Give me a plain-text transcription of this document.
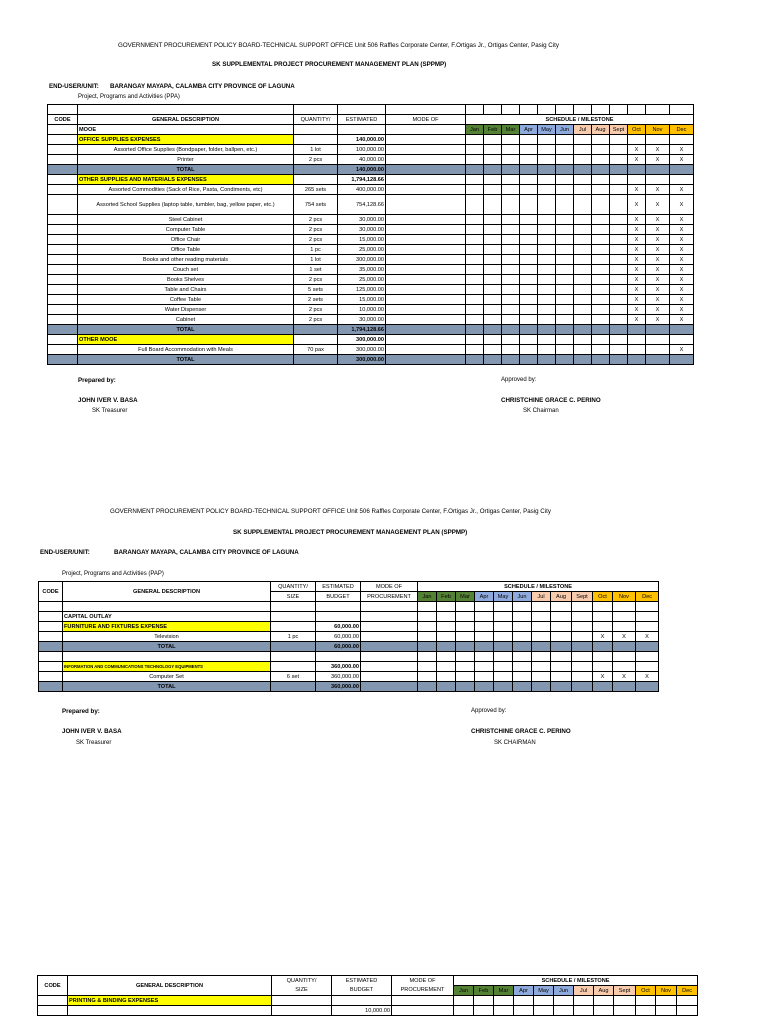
GOVERNMENT PROCUREMENT POLICY BOARD-TECHNICAL SUPPORT OFFICE Unit 506 Raffles Corporate Center, F.Ortigas Jr., Ortigas Center, Pasig City
SK SUPPLEMENTAL PROJECT PROCUREMENT MANAGEMENT PLAN (SPPMP)
END-USER/UNIT: BARANGAY MAYAPA, CALAMBA CITY PROVINCE OF LAGUNA
Project, Programs and Activities (PPA)

CODE	GENERAL DESCRIPTION	QUANTITY/	ESTIMATED	MODE OF	SCHEDULE / MILESTONE											
	MOOE				Jan	Feb	Mar	Apr	May	Jun	Jul	Aug	Sept	Oct	Nov	Dec
	OFFICE SUPPLIES EXPENSES		140,000.00													
	Assorted Office Supplies (Bondpaper, folder, ballpen, etc.)	1 lot	100,000.00											X	X	X
	Printer	2 pcs	40,000.00											X	X	X
	TOTAL		140,000.00													
	OTHER SUPPLIES AND MATERIALS EXPENSES		1,794,128.66													
	Assorted Commodities (Sack of Rice, Pasta, Condiments, etc)	265 sets	400,000.00											X	X	X
	Assorted School Supplies (laptop table, tumbler, bag, yellow paper, etc.)	754 sets	754,128.66											X	X	X
	Steel Cabinet	2 pcs	30,000.00											X	X	X
	Computer Table	2 pcs	30,000.00											X	X	X
	Office Chair	2 pcs	15,000.00											X	X	X
	Office Table	1 pc	25,000.00											X	X	X
	Books and other reading materials	1 lot	300,000.00											X	X	X
	Couch set	1 set	35,000.00											X	X	X
	Books Shelves	2 pcs	25,000.00											X	X	X
	Table and Chairs	5 sets	125,000.00											X	X	X
	Coffee Table	2 sets	15,000.00											X	X	X
	Water Dispenser	2 pcs	10,000.00											X	X	X
	Cabinet	2 pcs	30,000.00											X	X	X
	TOTAL		1,794,128.66													
	OTHER MOOE		300,000.00													
	Full Board Accommodation with Meals	70 pax	300,000.00													X
	TOTAL		300,000.00													
Prepared by:	Approved by:
JOHN IVER V. BASA
SK Treasurer
CHRISTCHINE GRACE C. PERINO
SK Chairman
GOVERNMENT PROCUREMENT POLICY BOARD-TECHNICAL SUPPORT OFFICE Unit 506 Raffles Corporate Center, F.Ortigas Jr., Ortigas Center, Pasig City
SK SUPPLEMENTAL PROJECT PROCUREMENT MANAGEMENT PLAN (SPPMP)
END-USER/UNIT:	BARANGAY MAYAPA, CALAMBA CITY PROVINCE OF LAGUNA
Project, Programs and Activities (PAP)
CODE	GENERAL DESCRIPTION	QUANTITY/	ESTIMATED	MODE OF	SCHEDULE / MILESTONE											
		SIZE	BUDGET	PROCUREMENT	Jan	Feb	Mar	Apr	May	Jun	Jul	Aug	Sept	Oct	Nov	Dec

	CAPITAL OUTLAY															
	FURNITURE AND FIXTURES EXPENSE		60,000.00													
	Television	1 pc	60,000.00											X	X	X
	TOTAL		60,000.00													

	INFORMATION AND COMMUNICATIONS TECHNOLOGY EQUIPMENTS		360,000.00													
	Computer Set	6 set	360,000.00											X	X	X
	TOTAL		360,000.00													
Prepared by:	Approved by:
JOHN IVER V. BASA
SK Treasurer
CHRISTCHINE GRACE C. PERINO
SK CHAIRMAN
CODE	GENERAL DESCRIPTION	QUANTITY/	ESTIMATED	MODE OF	SCHEDULE / MILESTONE											
		SIZE	BUDGET	PROCUREMENT	Jan	Feb	Mar	Apr	May	Jun	Jul	Aug	Sept	Oct	Nov	Dec
	PRINTING & BINDING EXPENSES															
			10,000.00													
